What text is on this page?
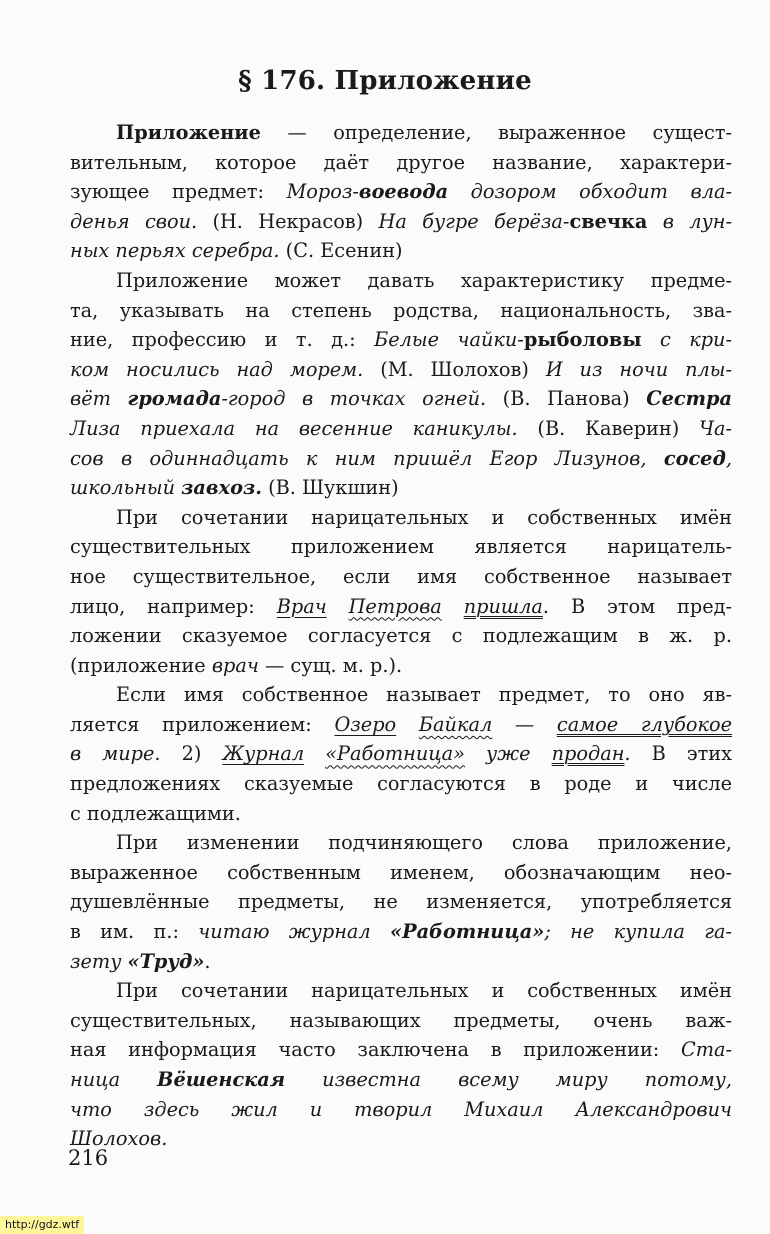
§ 176. Приложение
Приложение — определение, выраженное сущест-
вительным, которое даёт другое название, характери-
зующее предмет: Мороз-воевода дозором обходит вла-
денья свои. (Н. Некрасов) На бугре берёза-свечка в лун-
ных перьях серебра. (С. Есенин)
Приложение может давать характеристику предме-
та, указывать на степень родства, национальность, зва-
ние, профессию и т. д.: Белые чайки-рыболовы с кри-
ком носились над морем. (М. Шолохов) И из ночи плы-
вёт громада-город в точках огней. (В. Панова) Сестра
Лиза приехала на весенние каникулы. (В. Каверин) Ча-
сов в одиннадцать к ним пришёл Егор Лизунов, сосед,
школьный завхоз. (В. Шукшин)
При сочетании нарицательных и собственных имён
существительных приложением является нарицатель-
ное существительное, если имя собственное называет
лицо, например: Врач Петрова пришла. В этом пред-
ложении сказуемое согласуется с подлежащим в ж. р.
(приложение врач — сущ. м. р.).
Если имя собственное называет предмет, то оно яв-
ляется приложением: Озеро Байкал — самое глубокое
в мире. 2) Журнал «Работница» уже продан. В этих
предложениях сказуемые согласуются в роде и числе
с подлежащими.
При изменении подчиняющего слова приложение,
выраженное собственным именем, обозначающим нео-
душевлённые предметы, не изменяется, употребляется
в им. п.: читаю журнал «Работница»; не купила га-
зету «Труд».
При сочетании нарицательных и собственных имён
существительных, называющих предметы, очень важ-
ная информация часто заключена в приложении: Ста-
ница Вёшенская известна всему миру потому,
что здесь жил и творил Михаил Александрович
Шолохов.
216
http://gdz.wtf
